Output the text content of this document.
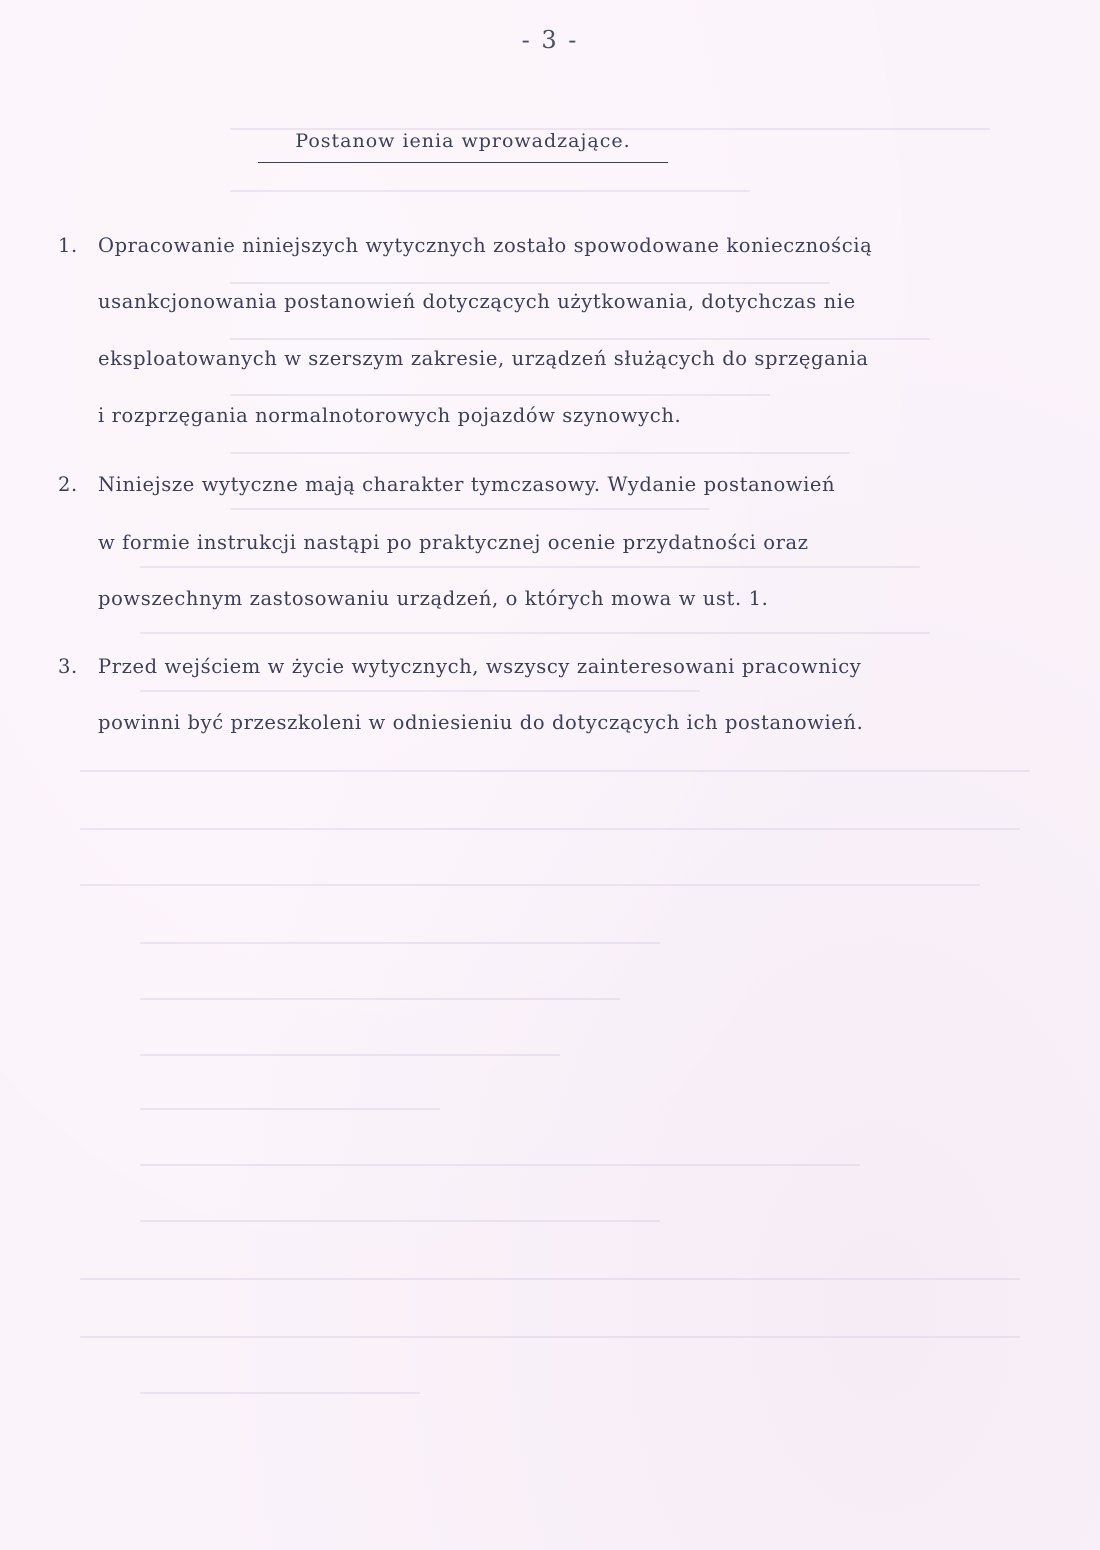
- 3 -
Postanow ienia wprowadzające.
1. Opracowanie niniejszych wytycznych zostało spowodowane koniecznością
usankcjonowania postanowień dotyczących użytkowania, dotychczas nie
eksploatowanych w szerszym zakresie, urządzeń służących do sprzęgania
i rozprzęgania normalnotorowych pojazdów szynowych.
2. Niniejsze wytyczne mają charakter tymczasowy. Wydanie postanowień
w formie instrukcji nastąpi po praktycznej ocenie przydatności oraz
powszechnym zastosowaniu urządzeń, o których mowa w ust. 1.
3. Przed wejściem w życie wytycznych, wszyscy zainteresowani pracownicy
powinni być przeszkoleni w odniesieniu do dotyczących ich postanowień.
